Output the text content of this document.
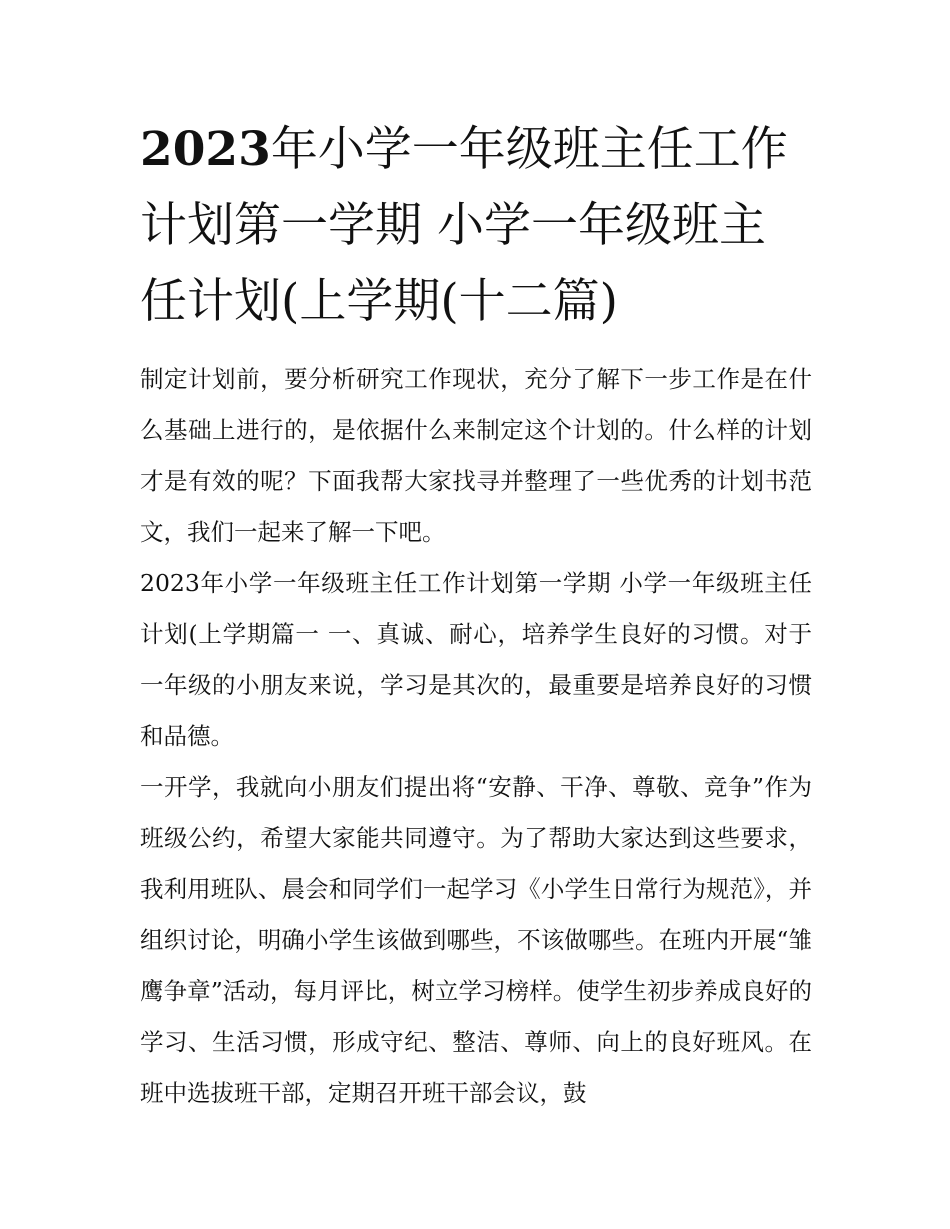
2023年小学一年级班主任工作计划第一学期 小学一年级班主任计划(上学期(十二篇)

制定计划前，要分析研究工作现状，充分了解下一步工作是在什么基础上进行的，是依据什么来制定这个计划的。什么样的计划才是有效的呢？下面我帮大家找寻并整理了一些优秀的计划书范文，我们一起来了解一下吧。

2023年小学一年级班主任工作计划第一学期 小学一年级班主任计划(上学期篇一 一、真诚、耐心，培养学生良好的习惯。对于一年级的小朋友来说，学习是其次的，最重要是培养良好的习惯和品德。

一开学，我就向小朋友们提出将“安静、干净、尊敬、竞争”作为班级公约，希望大家能共同遵守。为了帮助大家达到这些要求，我利用班队、晨会和同学们一起学习《小学生日常行为规范》，并组织讨论，明确小学生该做到哪些，不该做哪些。在班内开展“雏鹰争章”活动，每月评比，树立学习榜样。使学生初步养成良好的学习、生活习惯，形成守纪、整洁、尊师、向上的良好班风。在班中选拔班干部，定期召开班干部会议，鼓
